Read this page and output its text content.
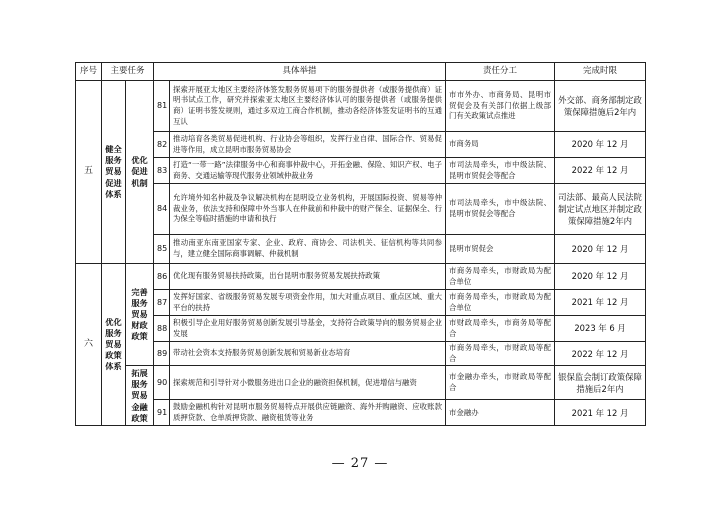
序号	主要任务		具体举措		责任分工	完成时限
五	健全服务贸易促进体系	优化促进机制	81	探索开展亚太地区主要经济体签发服务贸易项下的服务提供者（或服务提供商）证明书试点工作，研究并探索亚太地区主要经济体认可的服务提供者（或服务提供商）证明书签发规则，通过多双边工商合作机制，推动各经济体签发证明书的互通互认	市市外办、市商务局、昆明市贸促会及有关部门依据上级部门有关政策试点推进	外交部、商务部制定政策保障措施后2年内
			82	推动培育各类贸易促进机构、行业协会等组织，发挥行业自律、国际合作、贸易促进等作用，成立昆明市服务贸易协会	市商务局	2020 年 12 月
			83	打造“一带一路”法律服务中心和商事仲裁中心，开拓金融、保险、知识产权、电子商务、交通运输等现代服务业领域仲裁业务	市司法局牵头，市中级法院、昆明市贸促会等配合	2022 年 12 月
			84	允许境外知名仲裁及争议解决机构在昆明设立业务机构，开展国际投资、贸易等仲裁业务，依法支持和保障中外当事人在仲裁前和仲裁中的财产保全、证据保全、行为保全等临时措施的申请和执行	市司法局牵头，市中级法院、昆明市贸促会等配合	司法部、最高人民法院制定试点地区并制定政策保障措施2年内
			85	推动南亚东南亚国家专家、企业、政府、商协会、司法机关、征信机构等共同参与，建立健全国际商事调解、仲裁机制	昆明市贸促会	2020 年 12 月
六	优化服务贸易政策体系	完善服务贸易财政政策	86	优化现有服务贸易扶持政策，出台昆明市服务贸易发展扶持政策	市商务局牵头，市财政局为配合单位	2020 年 12 月
			87	发挥好国家、省级服务贸易发展专项资金作用，加大对重点项目、重点区域、重大平台的扶持	市商务局牵头，市财政局为配合单位	2021 年 12 月
			88	积极引导企业用好服务贸易创新发展引导基金，支持符合政策导向的服务贸易企业发展	市财政局牵头，市商务局等配合	2023 年 6 月
			89	带动社会资本支持服务贸易创新发展和贸易新业态培育	市商务局牵头，市财政局等配合	2022 年 12 月
		拓展服务贸易金融政策	90	探索规范和引导针对小微服务进出口企业的融资担保机制，促进增信与融资	市金融办牵头，市财政局等配合	银保监会制订政策保障措施后2年内
			91	鼓励金融机构针对昆明市服务贸易特点开展供应链融资、海外并购融资、应收账款质押贷款、仓单质押贷款、融资租赁等业务	市金融办	2021 年 12 月
— 27 —
